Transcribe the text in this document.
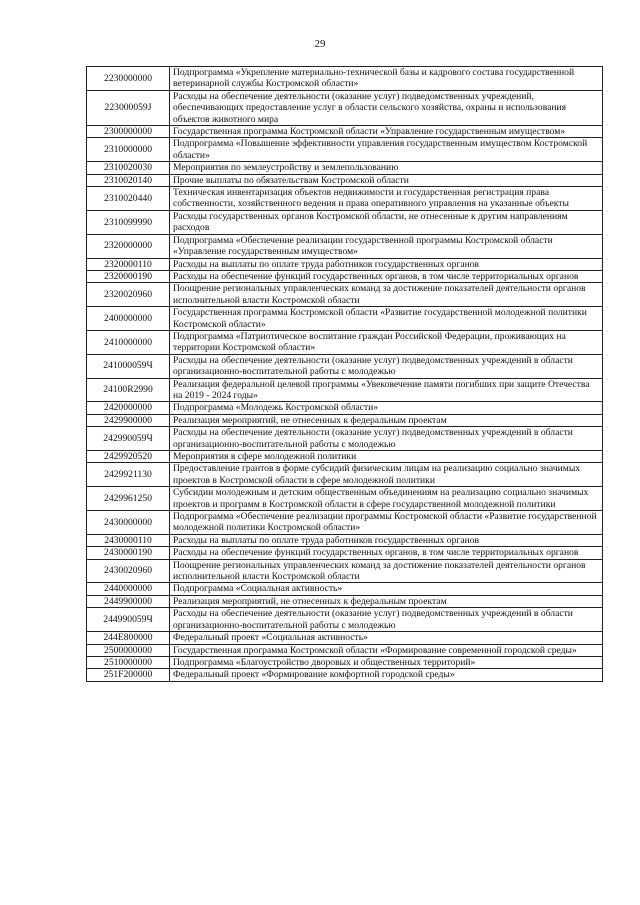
29
2230000000	Подпрограмма «Укрепление материально-технической базы и кадрового состава государственной ветеринарной службы Костромской области»
223000059J	Расходы на обеспечение деятельности (оказание услуг) подведомственных учреждений, обеспечивающих предоставление услуг в области сельского хозяйства, охраны и использования объектов животного мира
2300000000	Государственная программа Костромской области «Управление государственным имуществом»
2310000000	Подпрограмма «Повышение эффективности управления государственным имуществом Костромской области»
2310020030	Мероприятия по землеустройству и землепользованию
2310020140	Прочие выплаты по обязательствам Костромской области
2310020440	Техническая инвентаризация объектов недвижимости и государственная регистрация права собственности, хозяйственного ведения и права оперативного управления на указанные объекты
2310099990	Расходы государственных органов Костромской области, не отнесенные к другим направлениям расходов
2320000000	Подпрограмма «Обеспечение реализации государственной программы Костромской области «Управление государственным имуществом»
2320000110	Расходы на выплаты по оплате труда работников государственных органов
2320000190	Расходы на обеспечение функций государственных органов, в том числе территориальных органов
2320020960	Поощрение региональных управленческих команд за достижение показателей деятельности органов исполнительной власти Костромской области
2400000000	Государственная программа Костромской области «Развитие государственной молодежной политики Костромской области»
2410000000	Подпрограмма «Патриотическое воспитание граждан Российской Федерации, проживающих на территории Костромской области»
241000059Ч	Расходы на обеспечение деятельности (оказание услуг) подведомственных учреждений в области организационно-воспитательной работы с молодежью
24100R2990	Реализация федеральной целевой программы «Увековечение памяти погибших при защите Отечества на 2019 - 2024 годы»
2420000000	Подпрограмма «Молодежь Костромской области»
2429900000	Реализация мероприятий, не отнесенных к федеральным проектам
242990059Ч	Расходы на обеспечение деятельности (оказание услуг) подведомственных учреждений в области организационно-воспитательной работы с молодежью
2429920520	Мероприятия в сфере молодежной политики
2429921130	Предоставление грантов в форме субсидий физическим лицам на реализацию социально значимых проектов в Костромской области в сфере молодежной политики
2429961250	Субсидии молодежным и детским общественным объединениям на реализацию социально значимых проектов и программ в Костромской области в сфере государственной молодежной политики
2430000000	Подпрограмма «Обеспечение реализации программы Костромской области «Развитие государственной молодежной политики Костромской области»
2430000110	Расходы на выплаты по оплате труда работников государственных органов
2430000190	Расходы на обеспечение функций государственных органов, в том числе территориальных органов
2430020960	Поощрение региональных управленческих команд за достижение показателей деятельности органов исполнительной власти Костромской области
2440000000	Подпрограмма «Социальная активность»
2449900000	Реализация мероприятий, не отнесенных к федеральным проектам
244990059Ч	Расходы на обеспечение деятельности (оказание услуг) подведомственных учреждений в области организационно-воспитательной работы с молодежью
244E800000	Федеральный проект «Социальная активность»
2500000000	Государственная программа Костромской области «Формирование современной городской среды»
2510000000	Подпрограмма «Благоустройство дворовых и общественных территорий»
251F200000	Федеральный проект «Формирование комфортной городской среды»
